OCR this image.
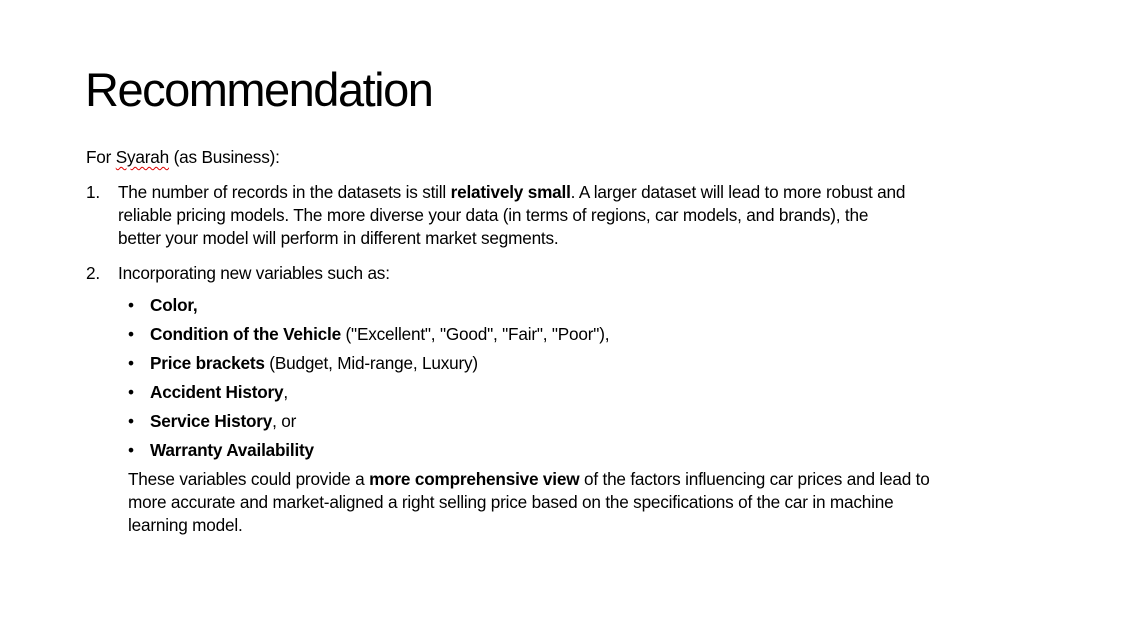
Recommendation
For Syarah (as Business):
1. The number of records in the datasets is still relatively small. A larger dataset will lead to more robust and
reliable pricing models. The more diverse your data (in terms of regions, car models, and brands), the
better your model will perform in different market segments.
2. Incorporating new variables such as:
• Color,
• Condition of the Vehicle ("Excellent", "Good", "Fair", "Poor"),
• Price brackets (Budget, Mid-range, Luxury)
• Accident History,
• Service History, or
• Warranty Availability
These variables could provide a more comprehensive view of the factors influencing car prices and lead to
more accurate and market-aligned a right selling price based on the specifications of the car in machine
learning model.
